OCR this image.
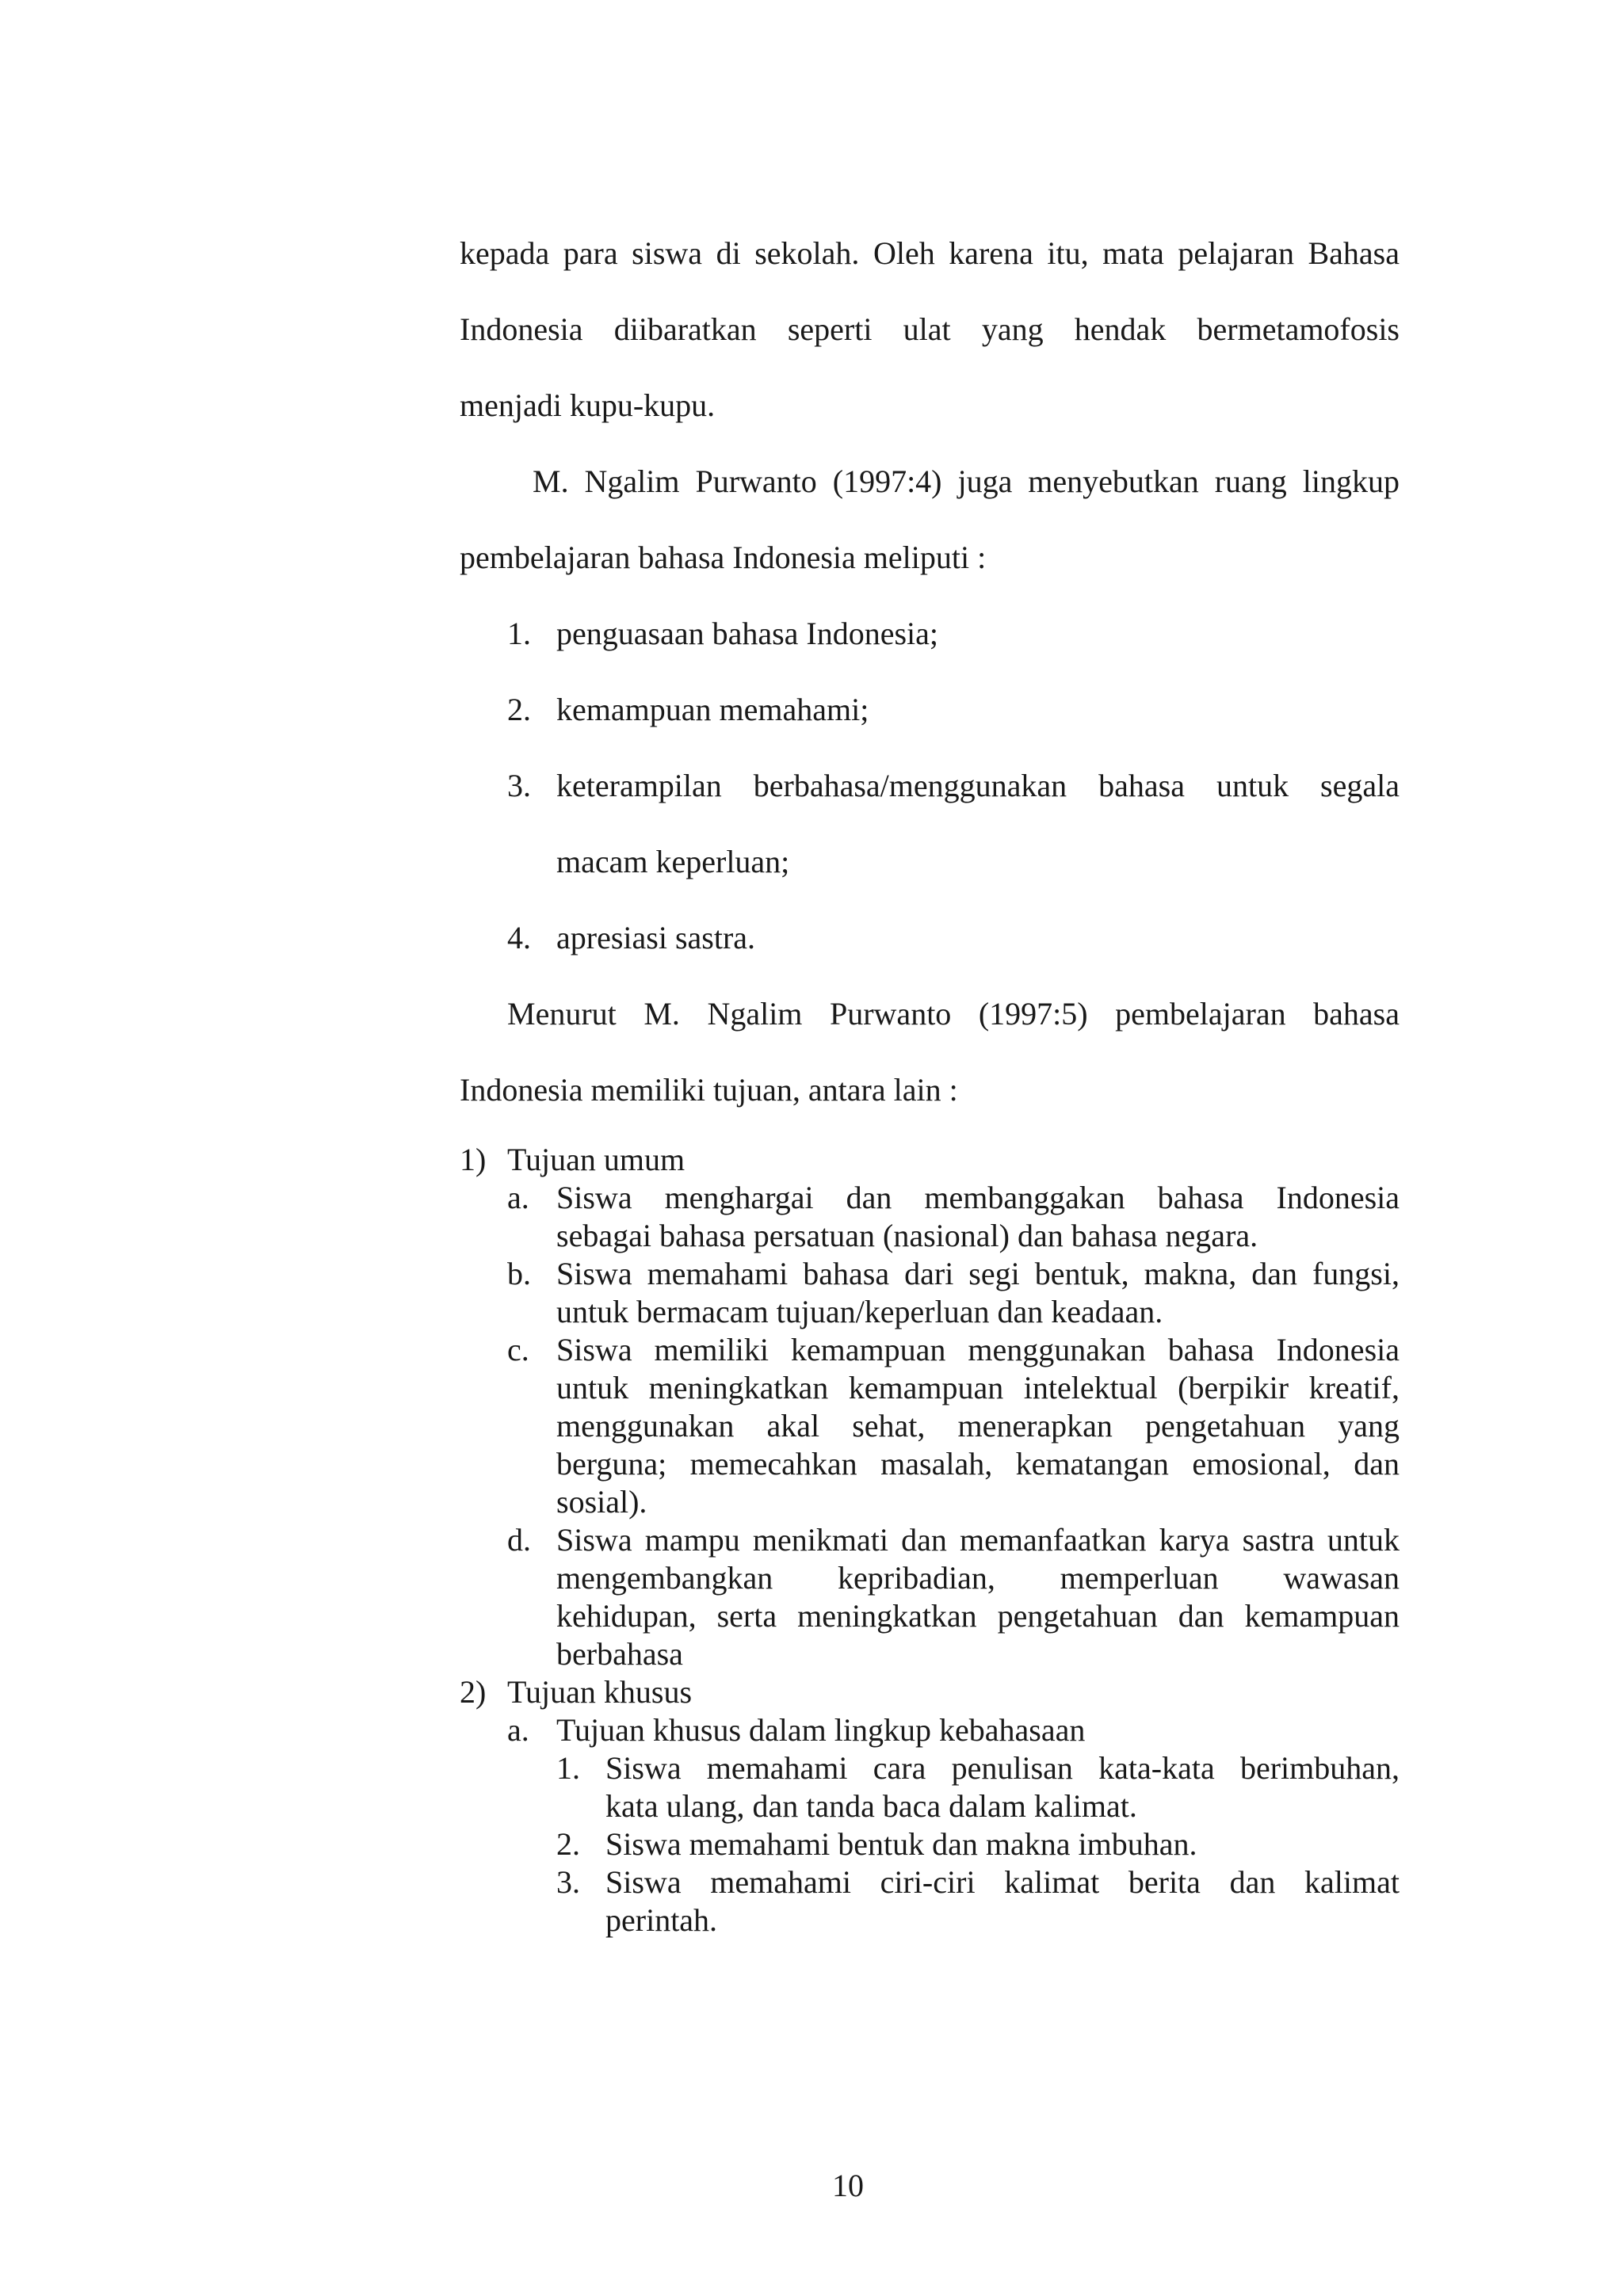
kepada para siswa di sekolah. Oleh karena itu, mata pelajaran Bahasa
Indonesia diibaratkan seperti ulat yang hendak bermetamofosis
menjadi kupu-kupu.
M. Ngalim Purwanto (1997:4) juga menyebutkan ruang lingkup
pembelajaran bahasa Indonesia meliputi :
1. penguasaan bahasa Indonesia;
2. kemampuan memahami;
3. keterampilan berbahasa/menggunakan bahasa untuk segala
macam keperluan;
4. apresiasi sastra.
Menurut M. Ngalim Purwanto (1997:5) pembelajaran bahasa
Indonesia memiliki tujuan, antara lain :
1) Tujuan umum
a. Siswa menghargai dan membanggakan bahasa Indonesia
sebagai bahasa persatuan (nasional) dan bahasa negara.
b. Siswa memahami bahasa dari segi bentuk, makna, dan fungsi,
untuk bermacam tujuan/keperluan dan keadaan.
c. Siswa memiliki kemampuan menggunakan bahasa Indonesia
untuk meningkatkan kemampuan intelektual (berpikir kreatif,
menggunakan akal sehat, menerapkan pengetahuan yang
berguna; memecahkan masalah, kematangan emosional, dan
sosial).
d. Siswa mampu menikmati dan memanfaatkan karya sastra untuk
mengembangkan kepribadian, memperluan wawasan
kehidupan, serta meningkatkan pengetahuan dan kemampuan
berbahasa
2) Tujuan khusus
a. Tujuan khusus dalam lingkup kebahasaan
1. Siswa memahami cara penulisan kata-kata berimbuhan,
kata ulang, dan tanda baca dalam kalimat.
2. Siswa memahami bentuk dan makna imbuhan.
3. Siswa memahami ciri-ciri kalimat berita dan kalimat
perintah.
10
